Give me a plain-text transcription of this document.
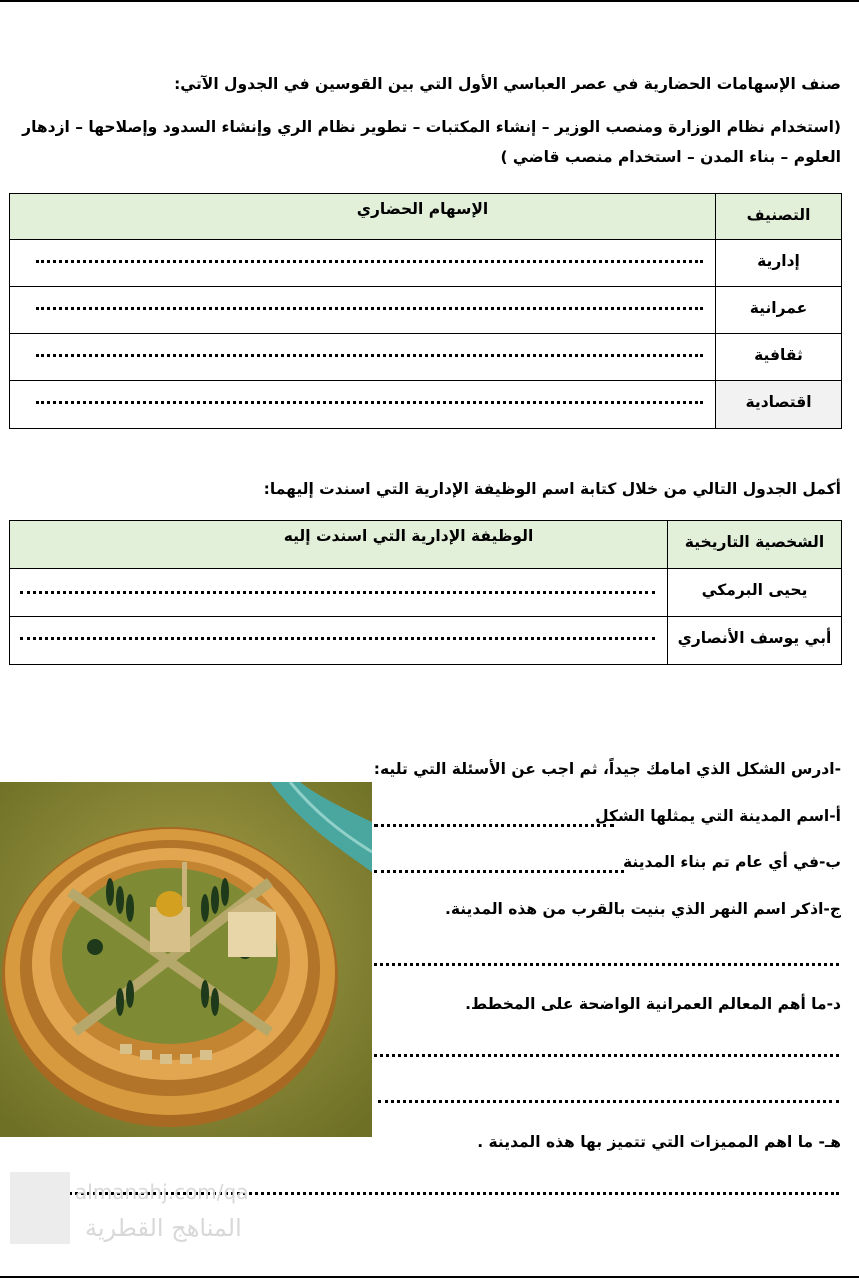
صنف الإسهامات الحضارية في عصر العباسي الأول التي بين القوسين في الجدول الآتي:
(استخدام نظام الوزارة ومنصب الوزير – إنشاء المكتبات – تطوير نظام الري وإنشاء السدود وإصلاحها – ازدهار
العلوم – بناء المدن – استخدام منصب قاضي )
التصنيف	الإسهام الحضاري
إدارية	

عمرانية	

ثقافية	

اقتصادية	
أكمل الجدول التالي من خلال كتابة اسم الوظيفة الإدارية التي اسندت إليهما:
الشخصية التاريخية	الوظيفة الإدارية التي اسندت إليه
يحيى البرمكي	

أبي يوسف الأنصاري	
-ادرس الشكل الذي امامك جيداً، ثم اجب عن الأسئلة التي تليه:
أ-اسم المدينة التي يمثلها الشكل
ب-في أي عام تم بناء المدينة
ج-اذكر اسم النهر الذي بنيت بالقرب من هذه المدينة.
د-ما أهم المعالم العمرانية الواضحة على المخطط.
هـ- ما اهم المميزات التي تتميز بها هذه المدينة .
almanahj.com/qa
المناهج القطرية
